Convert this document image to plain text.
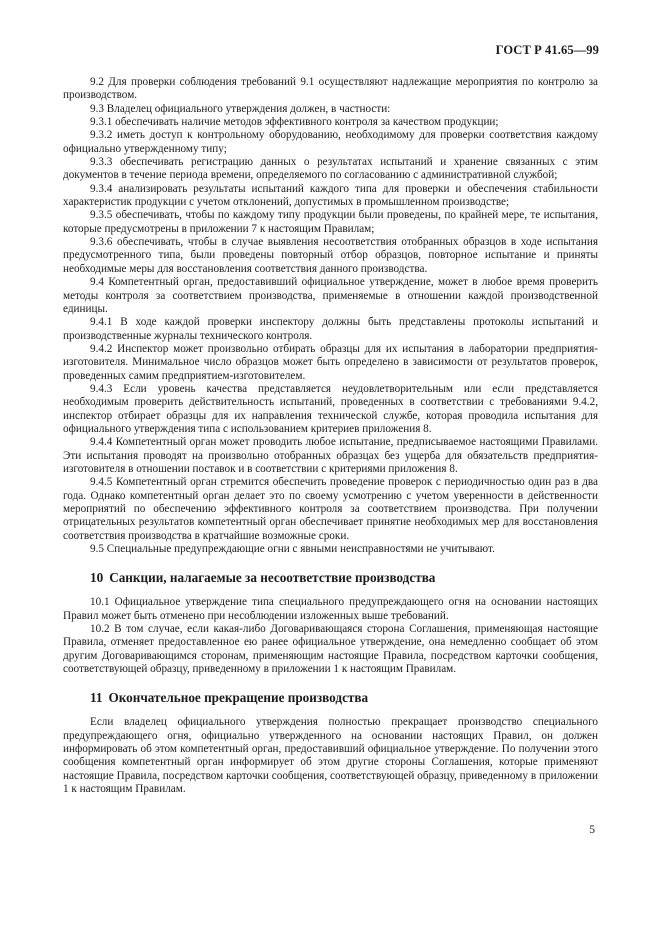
ГОСТ Р 41.65—99

9.2 Для проверки соблюдения требований 9.1 осуществляют надлежащие мероприятия по контролю за производством.

9.3 Владелец официального утверждения должен, в частности:

9.3.1 обеспечивать наличие методов эффективного контроля за качеством продукции;

9.3.2 иметь доступ к контрольному оборудованию, необходимому для проверки соответствия каждому официально утвержденному типу;

9.3.3 обеспечивать регистрацию данных о результатах испытаний и хранение связанных с этим документов в течение периода времени, определяемого по согласованию с административной службой;

9.3.4 анализировать результаты испытаний каждого типа для проверки и обеспечения стабильности характеристик продукции с учетом отклонений, допустимых в промышленном производстве;

9.3.5 обеспечивать, чтобы по каждому типу продукции были проведены, по крайней мере, те испытания, которые предусмотрены в приложении 7 к настоящим Правилам;

9.3.6 обеспечивать, чтобы в случае выявления несоответствия отобранных образцов в ходе испытания предусмотренного типа, были проведены повторный отбор образцов, повторное испытание и приняты необходимые меры для восстановления соответствия данного производства.

9.4 Компетентный орган, предоставивший официальное утверждение, может в любое время проверить методы контроля за соответствием производства, применяемые в отношении каждой производственной единицы.

9.4.1 В ходе каждой проверки инспектору должны быть представлены протоколы испытаний и производственные журналы технического контроля.

9.4.2 Инспектор может произвольно отбирать образцы для их испытания в лаборатории предприятия-изготовителя. Минимальное число образцов может быть определено в зависимости от результатов проверок, проведенных самим предприятием-изготовителем.

9.4.3 Если уровень качества представляется неудовлетворительным или если представляется необходимым проверить действительность испытаний, проведенных в соответствии с требованиями 9.4.2, инспектор отбирает образцы для их направления технической службе, которая проводила испытания для официального утверждения типа с использованием критериев приложения 8.

9.4.4 Компетентный орган может проводить любое испытание, предписываемое настоящими Правилами. Эти испытания проводят на произвольно отобранных образцах без ущерба для обязательств предприятия-изготовителя в отношении поставок и в соответствии с критериями приложения 8.

9.4.5 Компетентный орган стремится обеспечить проведение проверок с периодичностью один раз в два года. Однако компетентный орган делает это по своему усмотрению с учетом уверенности в действенности мероприятий по обеспечению эффективного контроля за соответствием производства. При получении отрицательных результатов компетентный орган обеспечивает принятие необходимых мер для восстановления соответствия производства в кратчайшие возможные сроки.

9.5 Специальные предупреждающие огни с явными неисправностями не учитывают.

10 Санкции, налагаемые за несоответствие производства

10.1 Официальное утверждение типа специального предупреждающего огня на основании настоящих Правил может быть отменено при несоблюдении изложенных выше требований.

10.2 В том случае, если какая-либо Договаривающаяся сторона Соглашения, применяющая настоящие Правила, отменяет предоставленное ею ранее официальное утверждение, она немедленно сообщает об этом другим Договаривающимся сторонам, применяющим настоящие Правила, посредством карточки сообщения, соответствующей образцу, приведенному в приложении 1 к настоящим Правилам.

11 Окончательное прекращение производства

Если владелец официального утверждения полностью прекращает производство специального предупреждающего огня, официально утвержденного на основании настоящих Правил, он должен информировать об этом компетентный орган, предоставивший официальное утверждение. По получении этого сообщения компетентный орган информирует об этом другие стороны Соглашения, которые применяют настоящие Правила, посредством карточки сообщения, соответствующей образцу, приведенному в приложении 1 к настоящим Правилам.

5
